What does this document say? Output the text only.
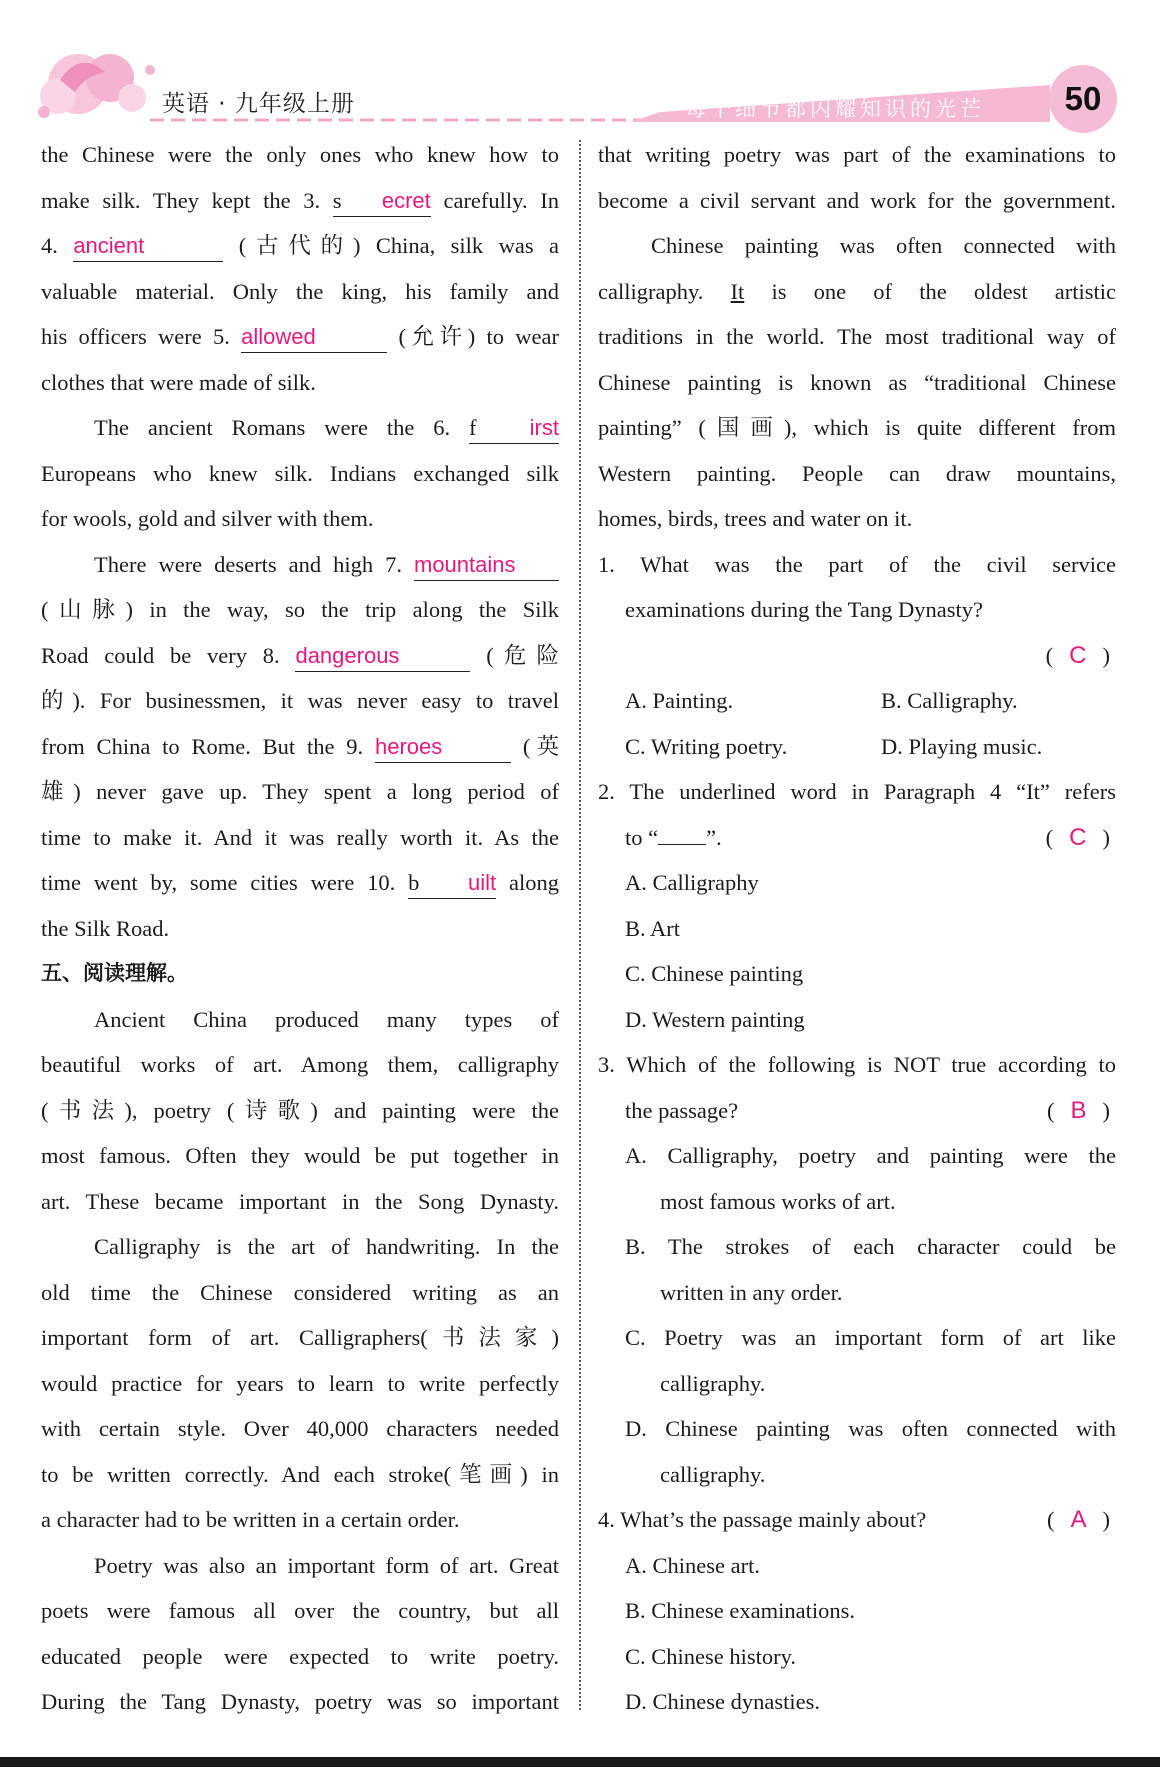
英语 · 九年级上册	每个细节都闪耀知识的光芒	50
the Chinese were the only ones who knew how to
make silk. They kept the 3. s ecret carefully. In
4. ancient	(古代的) China, silk was a
valuable material. Only the king, his family and
his officers were 5. allowed	(允许) to wear
clothes that were made of silk.
The ancient Romans were the 6. f irst
Europeans who knew silk. Indians exchanged silk
for wools, gold and silver with them.
There were deserts and high 7. mountains
(山脉) in the way, so the trip along the Silk
Road could be very 8. dangerous	(危险
的). For businessmen, it was never easy to travel
from China to Rome. But the 9. heroes	(英
雄) never gave up. They spent a long period of
time to make it. And it was really worth it. As the
time went by, some cities were 10. b uilt along
the Silk Road.
五、阅读理解。
Ancient China produced many types of
beautiful works of art. Among them, calligraphy
(书法), poetry (诗歌) and painting were the
most famous. Often they would be put together in
art. These became important in the Song Dynasty.
Calligraphy is the art of handwriting. In the
old time the Chinese considered writing as an
important form of art. Calligraphers(书法家)
would practice for years to learn to write perfectly
with certain style. Over 40,000 characters needed
to be written correctly. And each stroke(笔画) in
a character had to be written in a certain order.
Poetry was also an important form of art. Great
poets were famous all over the country, but all
educated people were expected to write poetry.
During the Tang Dynasty, poetry was so important
that writing poetry was part of the examinations to
become a civil servant and work for the government.
Chinese painting was often connected with
calligraphy. It is one of the oldest artistic
traditions in the world. The most traditional way of
Chinese painting is known as “traditional Chinese
painting” (国画), which is quite different from
Western painting. People can draw mountains,
homes, birds, trees and water on it.
1. What was the part of the civil service
examinations during the Tang Dynasty?
( C )
A. Painting.	B. Calligraphy.
C. Writing poetry.	D. Playing music.
2. The underlined word in Paragraph 4 “It” refers
to “ ”.	( C )
A. Calligraphy
B. Art
C. Chinese painting
D. Western painting
3. Which of the following is NOT true according to
the passage?	( B )
A. Calligraphy, poetry and painting were the
most famous works of art.
B. The strokes of each character could be
written in any order.
C. Poetry was an important form of art like
calligraphy.
D. Chinese painting was often connected with
calligraphy.
4. What’s the passage mainly about?	( A )
A. Chinese art.
B. Chinese examinations.
C. Chinese history.
D. Chinese dynasties.
